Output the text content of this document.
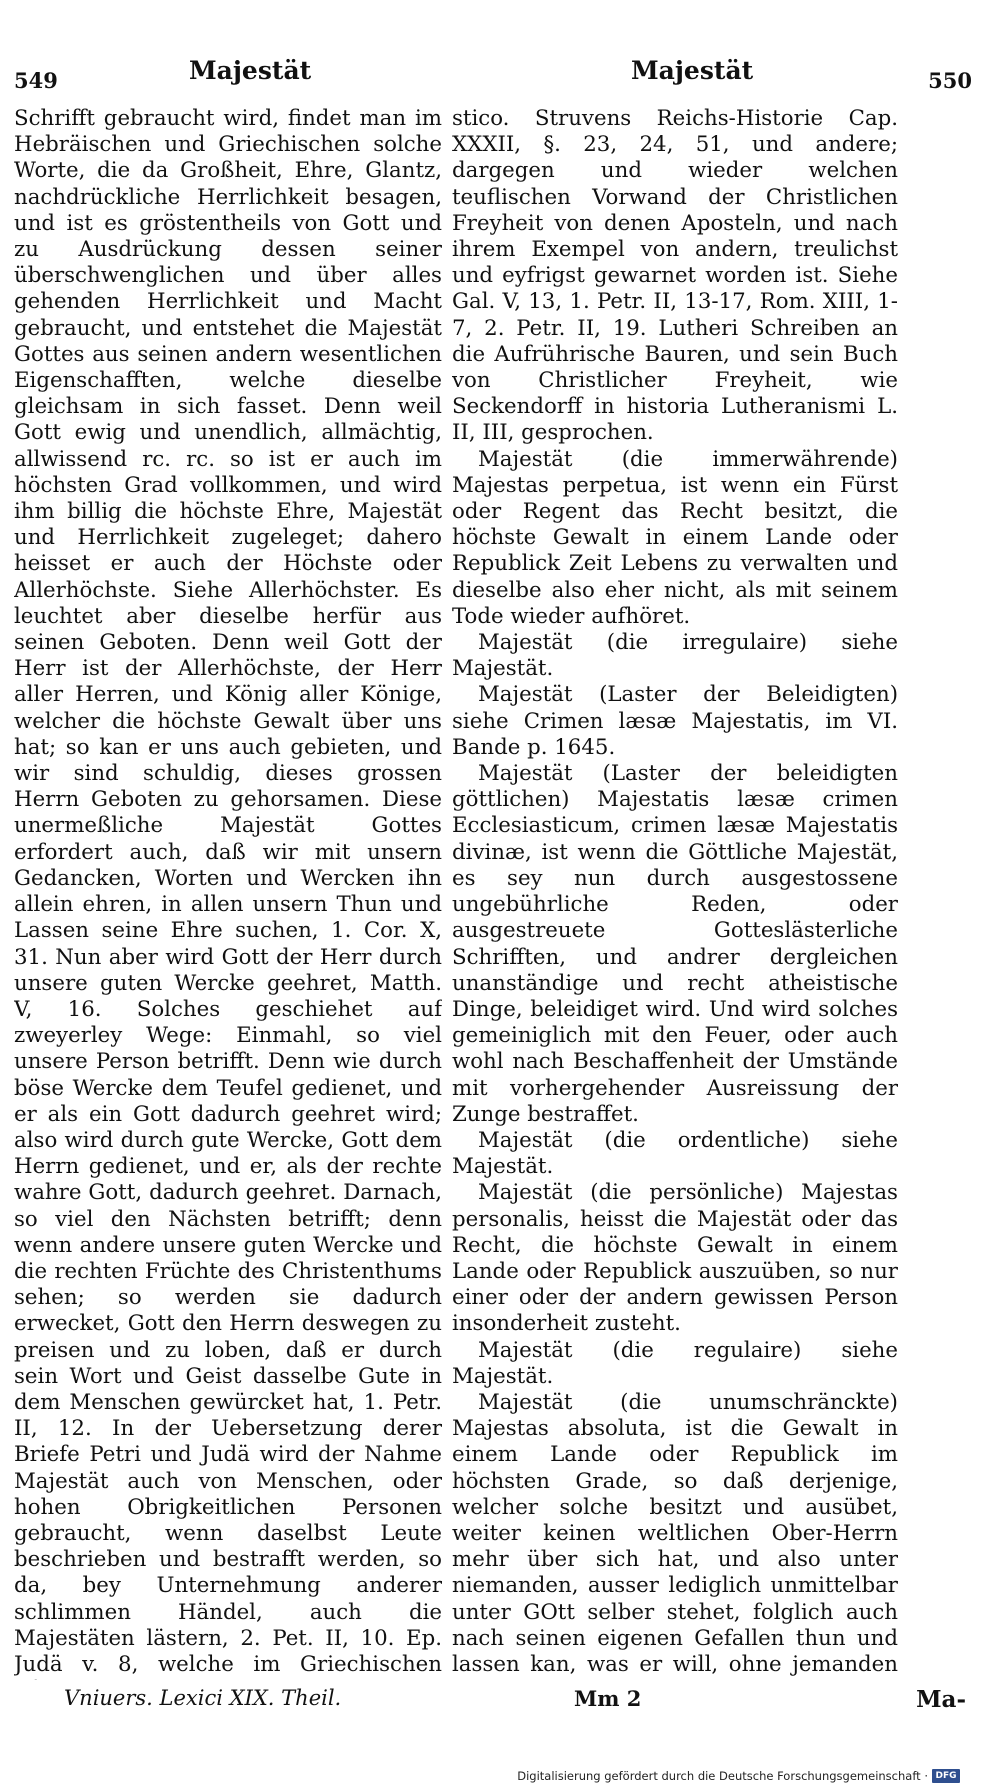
549	Majestät	Majestät	550

Schrifft gebraucht wird, findet man im Hebräischen und Griechischen solche Worte, die da Großheit, Ehre, Glantz, nachdrückliche Herrlichkeit besagen, und ist es gröstentheils von Gott und zu Ausdrückung dessen seiner überschwenglichen und über alles gehenden Herrlichkeit und Macht gebraucht, und entstehet die Majestät Gottes aus seinen andern wesentlichen Eigenschafften, welche dieselbe gleichsam in sich fasset. Denn weil Gott ewig und unendlich, allmächtig, allwissend rc. rc. so ist er auch im höchsten Grad vollkommen, und wird ihm billig die höchste Ehre, Majestät und Herrlichkeit zugeleget; dahero heisset er auch der Höchste oder Allerhöchste. Siehe Allerhöchster. Es leuchtet aber dieselbe herfür aus seinen Geboten. Denn weil Gott der Herr ist der Allerhöchste, der Herr aller Herren, und König aller Könige, welcher die höchste Gewalt über uns hat; so kan er uns auch gebieten, und wir sind schuldig, dieses grossen Herrn Geboten zu gehorsamen. Diese unermeßliche Majestät Gottes erfordert auch, daß wir mit unsern Gedancken, Worten und Wercken ihn allein ehren, in allen unsern Thun und Lassen seine Ehre suchen, 1. Cor. X, 31. Nun aber wird Gott der Herr durch unsere guten Wercke geehret, Matth. V, 16. Solches geschiehet auf zweyerley Wege: Einmahl, so viel unsere Person betrifft. Denn wie durch böse Wercke dem Teufel gedienet, und er als ein Gott dadurch geehret wird; also wird durch gute Wercke, Gott dem Herrn gedienet, und er, als der rechte wahre Gott, dadurch geehret. Darnach, so viel den Nächsten betrifft; denn wenn andere unsere guten Wercke und die rechten Früchte des Christenthums sehen; so werden sie dadurch erwecket, Gott den Herrn deswegen zu preisen und zu loben, daß er durch sein Wort und Geist dasselbe Gute in dem Menschen gewürcket hat, 1. Petr. II, 12. In der Uebersetzung derer Briefe Petri und Judä wird der Nahme Majestät auch von Menschen, oder hohen Obrigkeitlichen Personen gebraucht, wenn daselbst Leute beschrieben und bestrafft werden, so da, bey Unternehmung anderer schlimmen Händel, auch die Majestäten lästern, 2. Pet. II, 10. Ep. Judä v. 8, welche im Griechischen

stico. Struvens Reichs-Historie Cap. XXXII, §. 23, 24, 51, und andere; dargegen und wieder welchen teuflischen Vorwand der Christlichen Freyheit von denen Aposteln, und nach ihrem Exempel von andern, treulichst und eyfrigst gewarnet worden ist. Siehe Gal. V, 13, 1. Petr. II, 13-17, Rom. XIII, 1-7, 2. Petr. II, 19. Lutheri Schreiben an die Aufrührische Bauren, und sein Buch von Christlicher Freyheit, wie Seckendorff in historia Lutheranismi L. II, III, gesprochen.

Majestät (die immerwährende) Majestas perpetua, ist wenn ein Fürst oder Regent das Recht besitzt, die höchste Gewalt in einem Lande oder Republick Zeit Lebens zu verwalten und dieselbe also eher nicht, als mit seinem Tode wieder aufhöret.

Majestät (die irregulaire) siehe Majestät.

Majestät (Laster der Beleidigten) siehe Crimen læsæ Majestatis, im VI. Bande p. 1645.

Majestät (Laster der beleidigten göttlichen) Majestatis læsæ crimen Ecclesiasticum, crimen læsæ Majestatis divinæ, ist wenn die Göttliche Majestät, es sey nun durch ausgestossene ungebührliche Reden, oder ausgestreuete Gotteslästerliche Schrifften, und andrer dergleichen unanständige und recht atheistische Dinge, beleidiget wird. Und wird solches gemeiniglich mit den Feuer, oder auch wohl nach Beschaffenheit der Umstände mit vorhergehender Ausreissung der Zunge bestraffet.

Majestät (die ordentliche) siehe Majestät.

Majestät (die persönliche) Majestas personalis, heisst die Majestät oder das Recht, die höchste Gewalt in einem Lande oder Republick auszuüben, so nur einer oder der andern gewissen Person insonderheit zusteht.

Majestät (die regulaire) siehe Majestät.

Majestät (die unumschränckte) Majestas absoluta, ist die Gewalt in einem Lande oder Republick im höchsten Grade, so daß derjenige, welcher solche besitzt und ausübet, weiter keinen weltlichen Ober-Herrn mehr über sich hat, und also unter niemanden, ausser lediglich unmittelbar unter GOtt selber stehet, folglich auch nach seinen eigenen Gefallen thun und lassen kan, was er will, ohne jemanden

Vniuers. Lexici XIX. Theil.	Mm 2	Ma-
Digitalisierung gefördert durch die Deutsche Forschungsgemeinschaft · DFG
